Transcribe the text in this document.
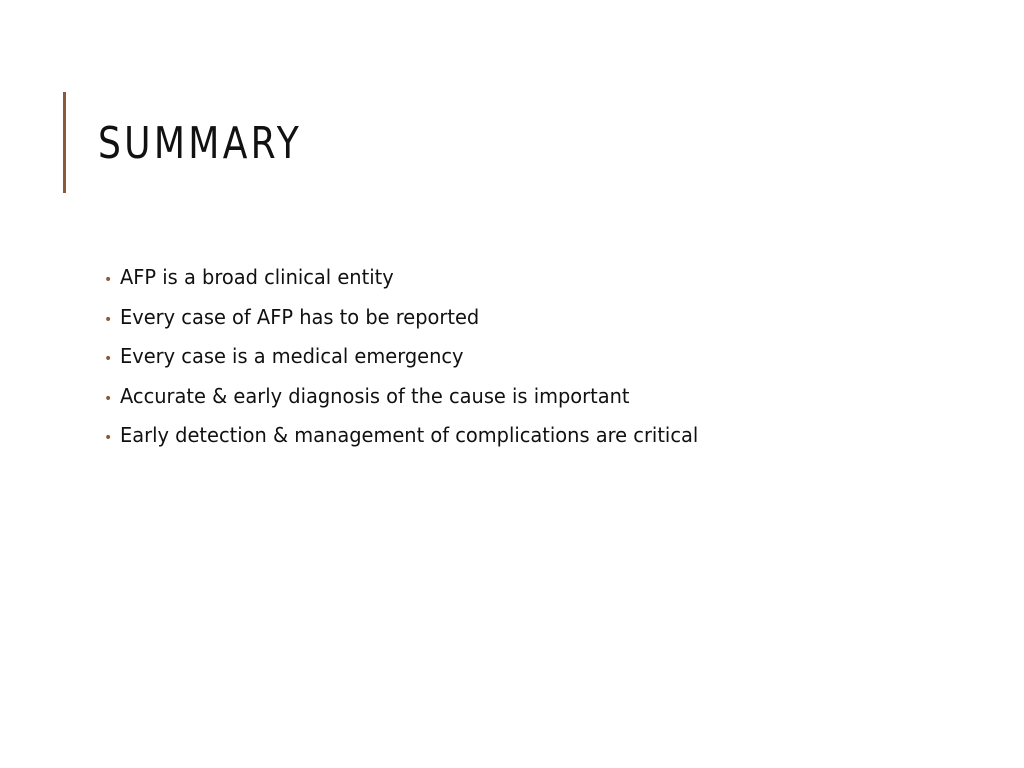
SUMMARY
• AFP is a broad clinical entity
• Every case of AFP has to be reported
• Every case is a medical emergency
• Accurate & early diagnosis of the cause is important
• Early detection & management of complications are critical
